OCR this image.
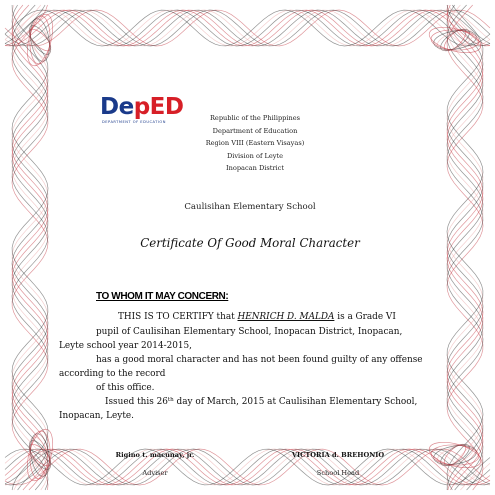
DepED
DEPARTMENT OF EDUCATION	Republic of the Philippines
Department of Education
Region VIII (Eastern Visayas)
Division of Leyte
Inopacan District
Caulisihan Elementary School
Certificate Of Good Moral Character
TO WHOM IT MAY CONCERN:
THIS IS TO CERTIFY that HENRICH D. MALDA is a Grade VI
pupil of Caulisihan Elementary School, Inopacan District, Inopacan,
Leyte school year 2014-2015,
has a good moral character and has not been found guilty of any offense
according to the record
of this office.
Issued this 26th day of March, 2015 at Caulisihan Elementary School,
Inopacan, Leyte.
Rigino t. macunay, jr.
Adviser
VICTORIA d. BREHONIO
School Head
